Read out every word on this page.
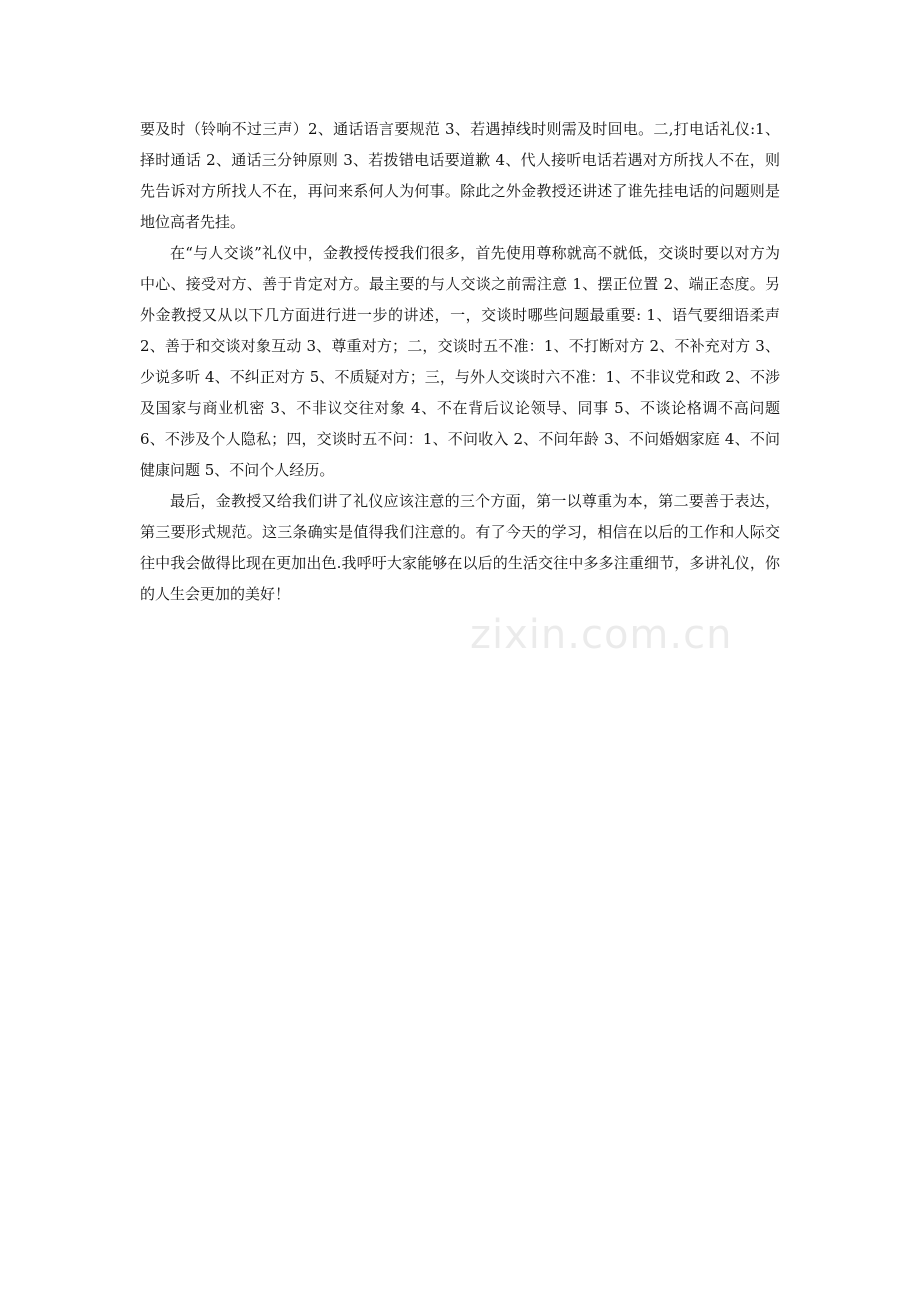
要及时（铃响不过三声）2、通话语言要规范 3、若遇掉线时则需及时回电。二,打电话礼仪:1、择时通话 2、通话三分钟原则 3、若拨错电话要道歉 4、代人接听电话若遇对方所找人不在，则先告诉对方所找人不在，再问来系何人为何事。除此之外金教授还讲述了谁先挂电话的问题则是地位高者先挂。

在“与人交谈”礼仪中，金教授传授我们很多，首先使用尊称就高不就低，交谈时要以对方为中心、接受对方、善于肯定对方。最主要的与人交谈之前需注意 1、摆正位置 2、端正态度。另外金教授又从以下几方面进行进一步的讲述，一，交谈时哪些问题最重要: 1、语气要细语柔声 2、善于和交谈对象互动 3、尊重对方；二，交谈时五不准：1、不打断对方 2、不补充对方 3、少说多听 4、不纠正对方 5、不质疑对方；三，与外人交谈时六不准：1、不非议党和政 2、不涉及国家与商业机密 3、不非议交往对象 4、不在背后议论领导、同事 5、不谈论格调不高问题 6、不涉及个人隐私；四，交谈时五不问：1、不问收入 2、不问年龄 3、不问婚姻家庭 4、不问健康问题 5、不问个人经历。

最后，金教授又给我们讲了礼仪应该注意的三个方面，第一以尊重为本，第二要善于表达，第三要形式规范。这三条确实是值得我们注意的。有了今天的学习，相信在以后的工作和人际交往中我会做得比现在更加出色.我呼吁大家能够在以后的生活交往中多多注重细节，多讲礼仪，你的人生会更加的美好！

zixin.com.cn
